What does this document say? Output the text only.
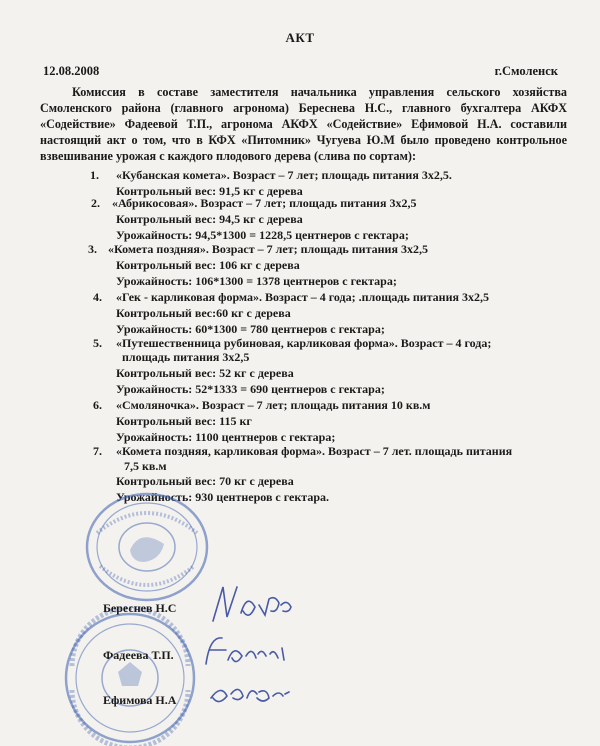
АКТ
12.08.2008	г.Смоленск
Комиссия в составе заместителя начальника управления сельского хозяйства Смоленского района (главного агронома) Береснева Н.С., главного бухгалтера АКФХ «Содействие» Фадеевой Т.П., агронома АКФХ «Содействие» Ефимовой Н.А. составили настоящий акт о том, что в КФХ «Питомник» Чугуева Ю.М было проведено контрольное взвешивание урожая с каждого плодового дерева (слива по сортам):
1. «Кубанская комета». Возраст – 7 лет; площадь питания 3х2,5.
Контрольный вес: 91,5 кг с дерева
2. «Абрикосовая». Возраст – 7 лет; площадь питания 3х2,5
Контрольный вес: 94,5 кг с дерева
Урожайность: 94,5*1300 = 1228,5 центнеров с гектара;
3. «Комета поздняя». Возраст – 7 лет; площадь питания 3х2,5
Контрольный вес: 106 кг с дерева
Урожайность: 106*1300 = 1378 центнеров с гектара;
4. «Гек - карликовая форма». Возраст – 4 года; .площадь питания 3х2,5
Контрольный вес:60 кг с дерева
Урожайность: 60*1300 = 780 центнеров с гектара;
5. «Путешественница рубиновая, карликовая форма». Возраст – 4 года;
площадь питания 3х2,5
Контрольный вес: 52 кг с дерева
Урожайность: 52*1333 = 690 центнеров с гектара;
6. «Смоляночка». Возраст – 7 лет; площадь питания 10 кв.м
Контрольный вес: 115 кг
Урожайность: 1100 центнеров с гектара;
7. «Комета поздняя, карликовая форма». Возраст – 7 лет. площадь питания
7,5 кв.м
Контрольный вес: 70 кг с дерева
Урожайность: 930 центнеров с гектара.
Береснев Н.С
Фадеева Т.П.
Ефимова Н.А
